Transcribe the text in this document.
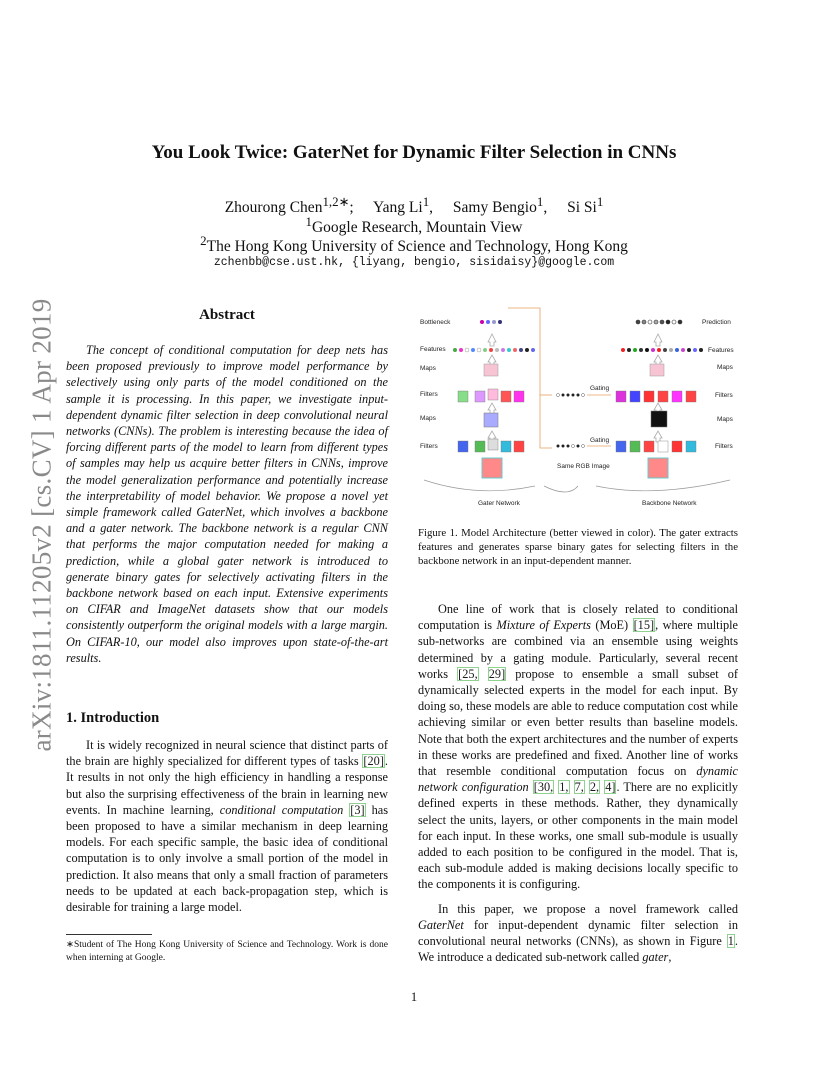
arXiv:1811.11205v2 [cs.CV] 1 Apr 2019
You Look Twice: GaterNet for Dynamic Filter Selection in CNNs
Zhourong Chen$^{1,2∗}$; Yang Li$^1$, Samy Bengio$^1$, Si Si$^1$
$^1$Google Research, Mountain View
$^2$The Hong Kong University of Science and Technology, Hong Kong
zchenbb@cse.ust.hk, {liyang, bengio, sisidaisy}@google.com
Abstract

The concept of conditional computation for deep nets has been proposed previously to improve model performance by selectively using only parts of the model conditioned on the sample it is processing. In this paper, we investigate input-dependent dynamic filter selection in deep convolutional neural networks (CNNs). The problem is interesting because the idea of forcing different parts of the model to learn from different types of samples may help us acquire better filters in CNNs, improve the model generalization performance and potentially increase the interpretability of model behavior. We propose a novel yet simple framework called GaterNet, which involves a backbone and a gater network. The backbone network is a regular CNN that performs the major computation needed for making a prediction, while a global gater network is introduced to generate binary gates for selectively activating filters in the backbone network based on each input. Extensive experiments on CIFAR and ImageNet datasets show that our models consistently outperform the original models with a large margin. On CIFAR-10, our model also improves upon state-of-the-art results.

1. Introduction

It is widely recognized in neural science that distinct parts of the brain are highly specialized for different types of tasks [20]. It results in not only the high efficiency in handling a response but also the surprising effectiveness of the brain in learning new events. In machine learning, conditional computation [3] has been proposed to have a similar mechanism in deep learning models. For each specific sample, the basic idea of conditional computation is to only involve a small portion of the model in prediction. It also means that only a small fraction of parameters needs to be updated at each back-propagation step, which is desirable for training a large model.

∗Student of The Hong Kong University of Science and Technology. Work is done when interning at Google.
Bottleneck	Prediction
Features	Features
Maps	Maps
Filters	Filters
Maps	Maps
Filters	Filters
Gating
Gating
Same RGB Image
Gater Network	Backbone Network
Figure 1. Model Architecture (better viewed in color). The gater extracts features and generates sparse binary gates for selecting filters in the backbone network in an input-dependent manner.

One line of work that is closely related to conditional computation is Mixture of Experts (MoE) [15], where multiple sub-networks are combined via an ensemble using weights determined by a gating module. Particularly, several recent works [25, 29] propose to ensemble a small subset of dynamically selected experts in the model for each input. By doing so, these models are able to reduce computation cost while achieving similar or even better results than baseline models. Note that both the expert architectures and the number of experts in these works are predefined and fixed. Another line of works that resemble conditional computation focus on dynamic network configuration [30, 1, 7, 2, 4]. There are no explicitly defined experts in these methods. Rather, they dynamically select the units, layers, or other components in the main model for each input. In these works, one small sub-module is usually added to each position to be configured in the model. That is, each sub-module added is making decisions locally specific to the components it is configuring.

In this paper, we propose a novel framework called GaterNet for input-dependent dynamic filter selection in convolutional neural networks (CNNs), as shown in Figure 1. We introduce a dedicated sub-network called gater,

1
